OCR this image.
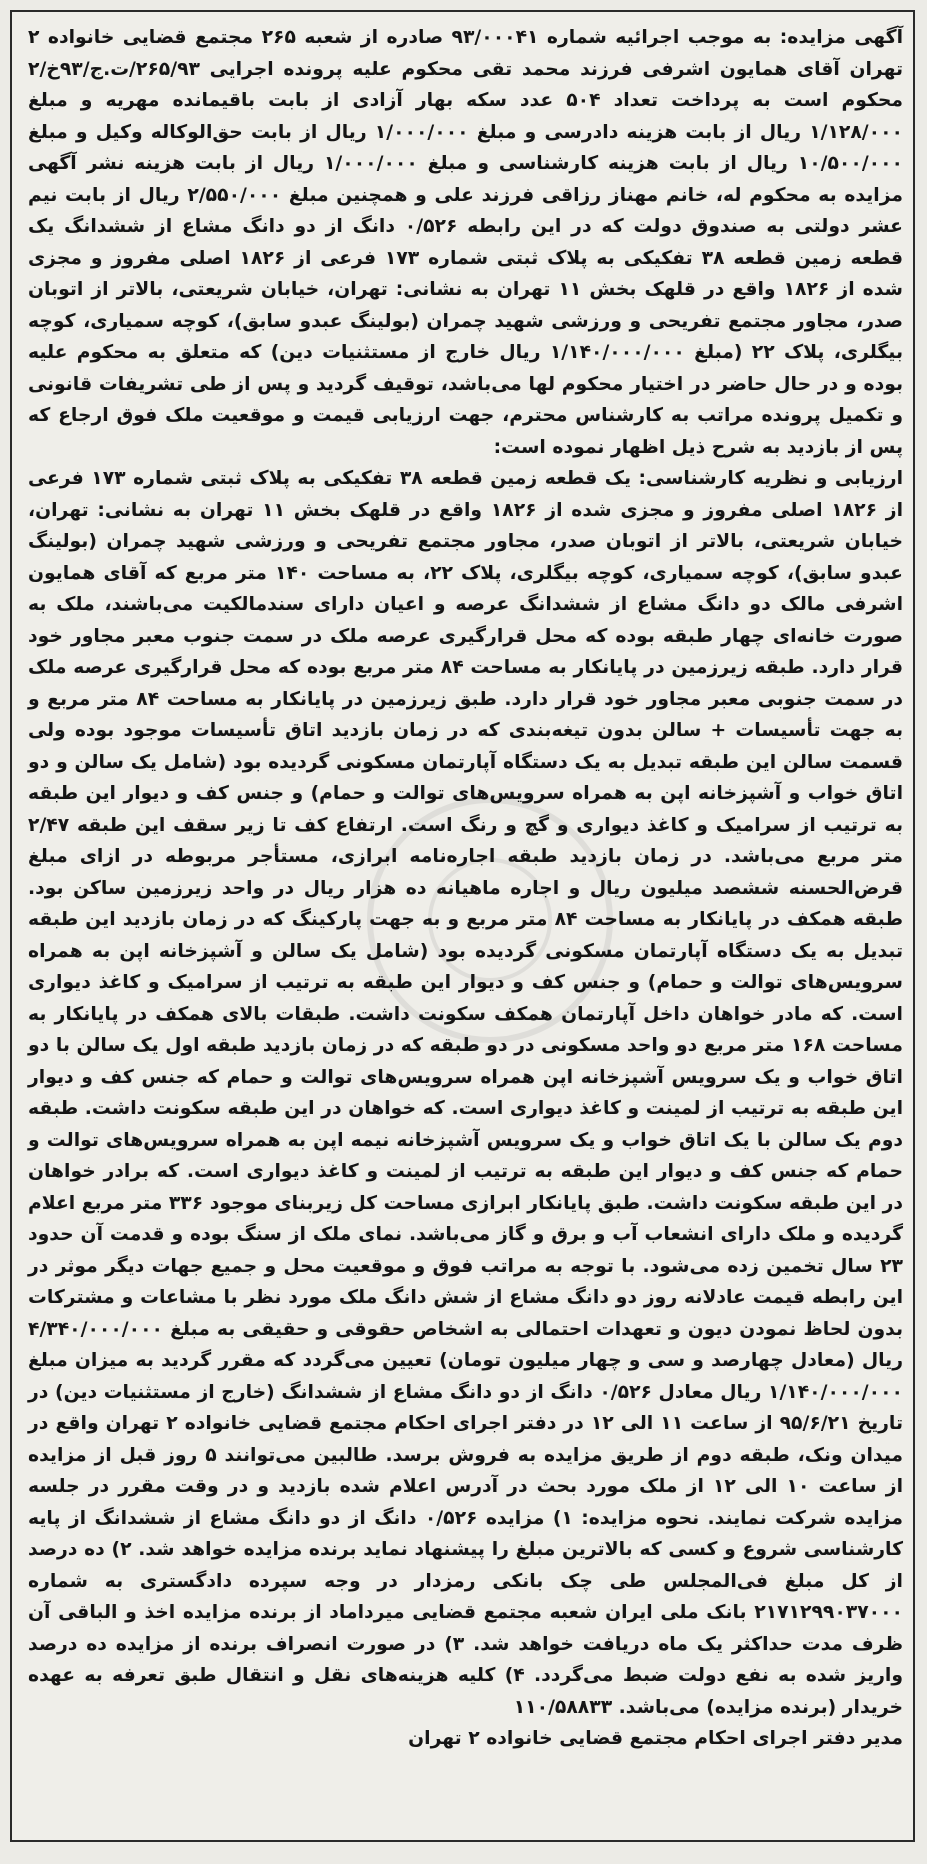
آگهی مزایده: به موجب اجرائیه شماره ۹۳/۰۰۰۴۱ صادره از شعبه ۲۶۵ مجتمع قضایی خانواده ۲ تهران آقای همایون اشرفی فرزند محمد تقی محکوم علیه پرونده اجرایی ۲۶۵/۹۳/ت.ج/۹۳خ/۲ محکوم است به پرداخت تعداد ۵۰۴ عدد سکه بهار آزادی از بابت باقیمانده مهریه و مبلغ ۱/۱۲۸/۰۰۰ ریال از بابت هزینه دادرسی و مبلغ ۱/۰۰۰/۰۰۰ ریال از بابت حق‌الوکاله وکیل و مبلغ ۱۰/۵۰۰/۰۰۰ ریال از بابت هزینه کارشناسی و مبلغ ۱/۰۰۰/۰۰۰ ریال از بابت هزینه نشر آگهی مزایده به محکوم له، خانم مهناز رزاقی فرزند علی و همچنین مبلغ ۲/۵۵۰/۰۰۰ ریال از بابت نیم عشر دولتی به صندوق دولت که در این رابطه ۰/۵۲۶ دانگ از دو دانگ مشاع از ششدانگ یک قطعه زمین قطعه ۳۸ تفکیکی به پلاک ثبتی شماره ۱۷۳ فرعی از ۱۸۲۶ اصلی مفروز و مجزی شده از ۱۸۲۶ واقع در قلهک بخش ۱۱ تهران به نشانی: تهران، خیابان شریعتی، بالاتر از اتوبان صدر، مجاور مجتمع تفریحی و ورزشی شهید چمران (بولینگ عبدو سابق)، کوچه سمیاری، کوچه بیگلری، پلاک ۲۲ (مبلغ ۱/۱۴۰/۰۰۰/۰۰۰ ریال خارج از مستثنیات دین) که متعلق به محکوم علیه بوده و در حال حاضر در اختیار محکوم لها می‌باشد، توقیف گردید و پس از طی تشریفات قانونی و تکمیل پرونده مراتب به کارشناس محترم، جهت ارزیابی قیمت و موقعیت ملک فوق ارجاع که پس از بازدید به شرح ذیل اظهار نموده است:

ارزیابی و نظریه کارشناسی: یک قطعه زمین قطعه ۳۸ تفکیکی به پلاک ثبتی شماره ۱۷۳ فرعی از ۱۸۲۶ اصلی مفروز و مجزی شده از ۱۸۲۶ واقع در قلهک بخش ۱۱ تهران به نشانی: تهران، خیابان شریعتی، بالاتر از اتوبان صدر، مجاور مجتمع تفریحی و ورزشی شهید چمران (بولینگ عبدو سابق)، کوچه سمیاری، کوچه بیگلری، پلاک ۲۲، به مساحت ۱۴۰ متر مربع که آقای همایون اشرفی مالک دو دانگ مشاع از ششدانگ عرصه و اعیان دارای سندمالکیت می‌باشند، ملک به صورت خانه‌ای چهار طبقه بوده که محل قرارگیری عرصه ملک در سمت جنوب معبر مجاور خود قرار دارد. طبقه زیرزمین در پایانکار به مساحت ۸۴ متر مربع بوده که محل قرارگیری عرصه ملک در سمت جنوبی معبر مجاور خود قرار دارد. طبق زیرزمین در پایانکار به مساحت ۸۴ متر مربع و به جهت تأسیسات + سالن بدون تیغه‌بندی که در زمان بازدید اتاق تأسیسات موجود بوده ولی قسمت سالن این طبقه تبدیل به یک دستگاه آپارتمان مسکونی گردیده بود (شامل یک سالن و دو اتاق خواب و آشپزخانه اپن به همراه سرویس‌های توالت و حمام) و جنس کف و دیوار این طبقه به ترتیب از سرامیک و کاغذ دیواری و گچ و رنگ است. ارتفاع کف تا زیر سقف این طبقه ۲/۴۷ متر مربع می‌باشد. در زمان بازدید طبقه اجاره‌نامه ابرازی، مستأجر مربوطه در ازای مبلغ قرض‌الحسنه ششصد میلیون ریال و اجاره ماهیانه ده هزار ریال در واحد زیرزمین ساکن بود. طبقه همکف در پایانکار به مساحت ۸۴ متر مربع و به جهت پارکینگ که در زمان بازدید این طبقه تبدیل به یک دستگاه آپارتمان مسکونی گردیده بود (شامل یک سالن و آشپزخانه اپن به همراه سرویس‌های توالت و حمام) و جنس کف و دیوار این طبقه به ترتیب از سرامیک و کاغذ دیواری است. که مادر خواهان داخل آپارتمان همکف سکونت داشت. طبقات بالای همکف در پایانکار به مساحت ۱۶۸ متر مربع دو واحد مسکونی در دو طبقه که در زمان بازدید طبقه اول یک سالن با دو اتاق خواب و یک سرویس آشپزخانه اپن همراه سرویس‌های توالت و حمام که جنس کف و دیوار این طبقه به ترتیب از لمینت و کاغذ دیواری است. که خواهان در این طبقه سکونت داشت. طبقه دوم یک سالن با یک اتاق خواب و یک سرویس آشپزخانه نیمه اپن به همراه سرویس‌های توالت و حمام که جنس کف و دیوار این طبقه به ترتیب از لمینت و کاغذ دیواری است. که برادر خواهان در این طبقه سکونت داشت. طبق پایانکار ابرازی مساحت کل زیربنای موجود ۳۳۶ متر مربع اعلام گردیده و ملک دارای انشعاب آب و برق و گاز می‌باشد. نمای ملک از سنگ بوده و قدمت آن حدود ۲۳ سال تخمین زده می‌شود. با توجه به مراتب فوق و موقعیت محل و جمیع جهات دیگر موثر در این رابطه قیمت عادلانه روز دو دانگ مشاع از شش دانگ ملک مورد نظر با مشاعات و مشترکات بدون لحاظ نمودن دیون و تعهدات احتمالی به اشخاص حقوقی و حقیقی به مبلغ ۴/۳۴۰/۰۰۰/۰۰۰ ریال (معادل چهارصد و سی و چهار میلیون تومان) تعیین می‌گردد که مقرر گردید به میزان مبلغ ۱/۱۴۰/۰۰۰/۰۰۰ ریال معادل ۰/۵۲۶ دانگ از دو دانگ مشاع از ششدانگ (خارج از مستثنیات دین) در تاریخ ۹۵/۶/۲۱ از ساعت ۱۱ الی ۱۲ در دفتر اجرای احکام مجتمع قضایی خانواده ۲ تهران واقع در میدان ونک، طبقه دوم از طریق مزایده به فروش برسد. طالبین می‌توانند ۵ روز قبل از مزایده از ساعت ۱۰ الی ۱۲ از ملک مورد بحث در آدرس اعلام شده بازدید و در وقت مقرر در جلسه مزایده شرکت نمایند. نحوه مزایده: ۱) مزایده ۰/۵۲۶ دانگ از دو دانگ مشاع از ششدانگ از پایه کارشناسی شروع و کسی که بالاترین مبلغ را پیشنهاد نماید برنده مزایده خواهد شد. ۲) ده درصد از کل مبلغ فی‌المجلس طی چک بانکی رمزدار در وجه سپرده دادگستری به شماره ۲۱۷۱۲۹۹۰۳۷۰۰۰ بانک ملی ایران شعبه مجتمع قضایی میرداماد از برنده مزایده اخذ و الباقی آن ظرف مدت حداکثر یک ماه دریافت خواهد شد. ۳) در صورت انصراف برنده از مزایده ده درصد واریز شده به نفع دولت ضبط می‌گردد. ۴) کلیه هزینه‌های نقل و انتقال طبق تعرفه به عهده خریدار (برنده مزایده) می‌باشد. ۱۱۰/۵۸۸۳۳

مدیر دفتر اجرای احکام مجتمع قضایی خانواده ۲ تهران
